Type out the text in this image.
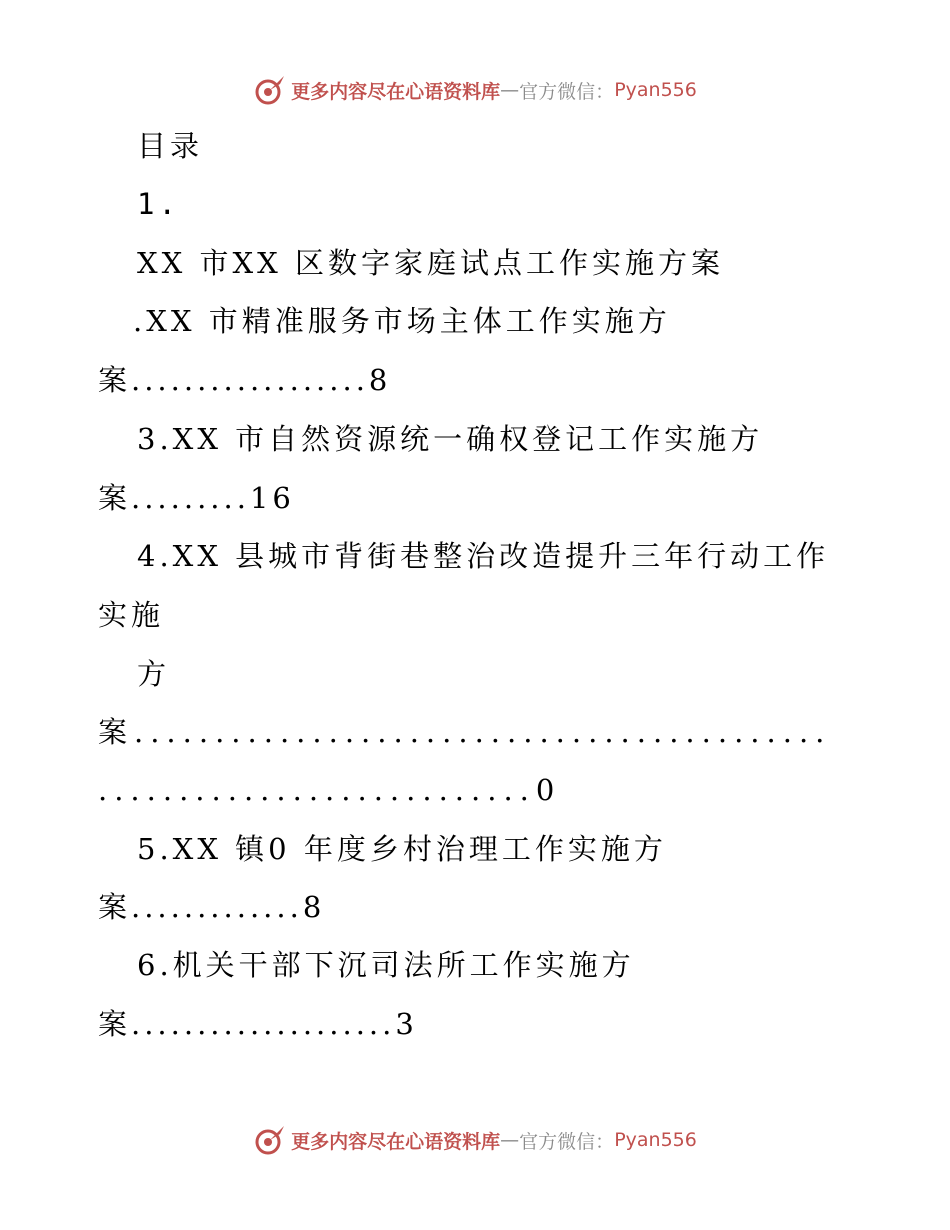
更多内容尽在心语资料库 — 官方微信： Pyan556
目录
1.
XX 市XX 区数字家庭试点工作实施方案
.XX 市精准服务市场主体工作实施方
案..................8
3.XX 市自然资源统一确权登记工作实施方
案.........16
4.XX 县城市背街巷整治改造提升三年行动工作
实施
方
案...........................................
...........................0
5.XX 镇0 年度乡村治理工作实施方
案.............8
6.机关干部下沉司法所工作实施方
案....................3
更多内容尽在心语资料库 — 官方微信： Pyan556
